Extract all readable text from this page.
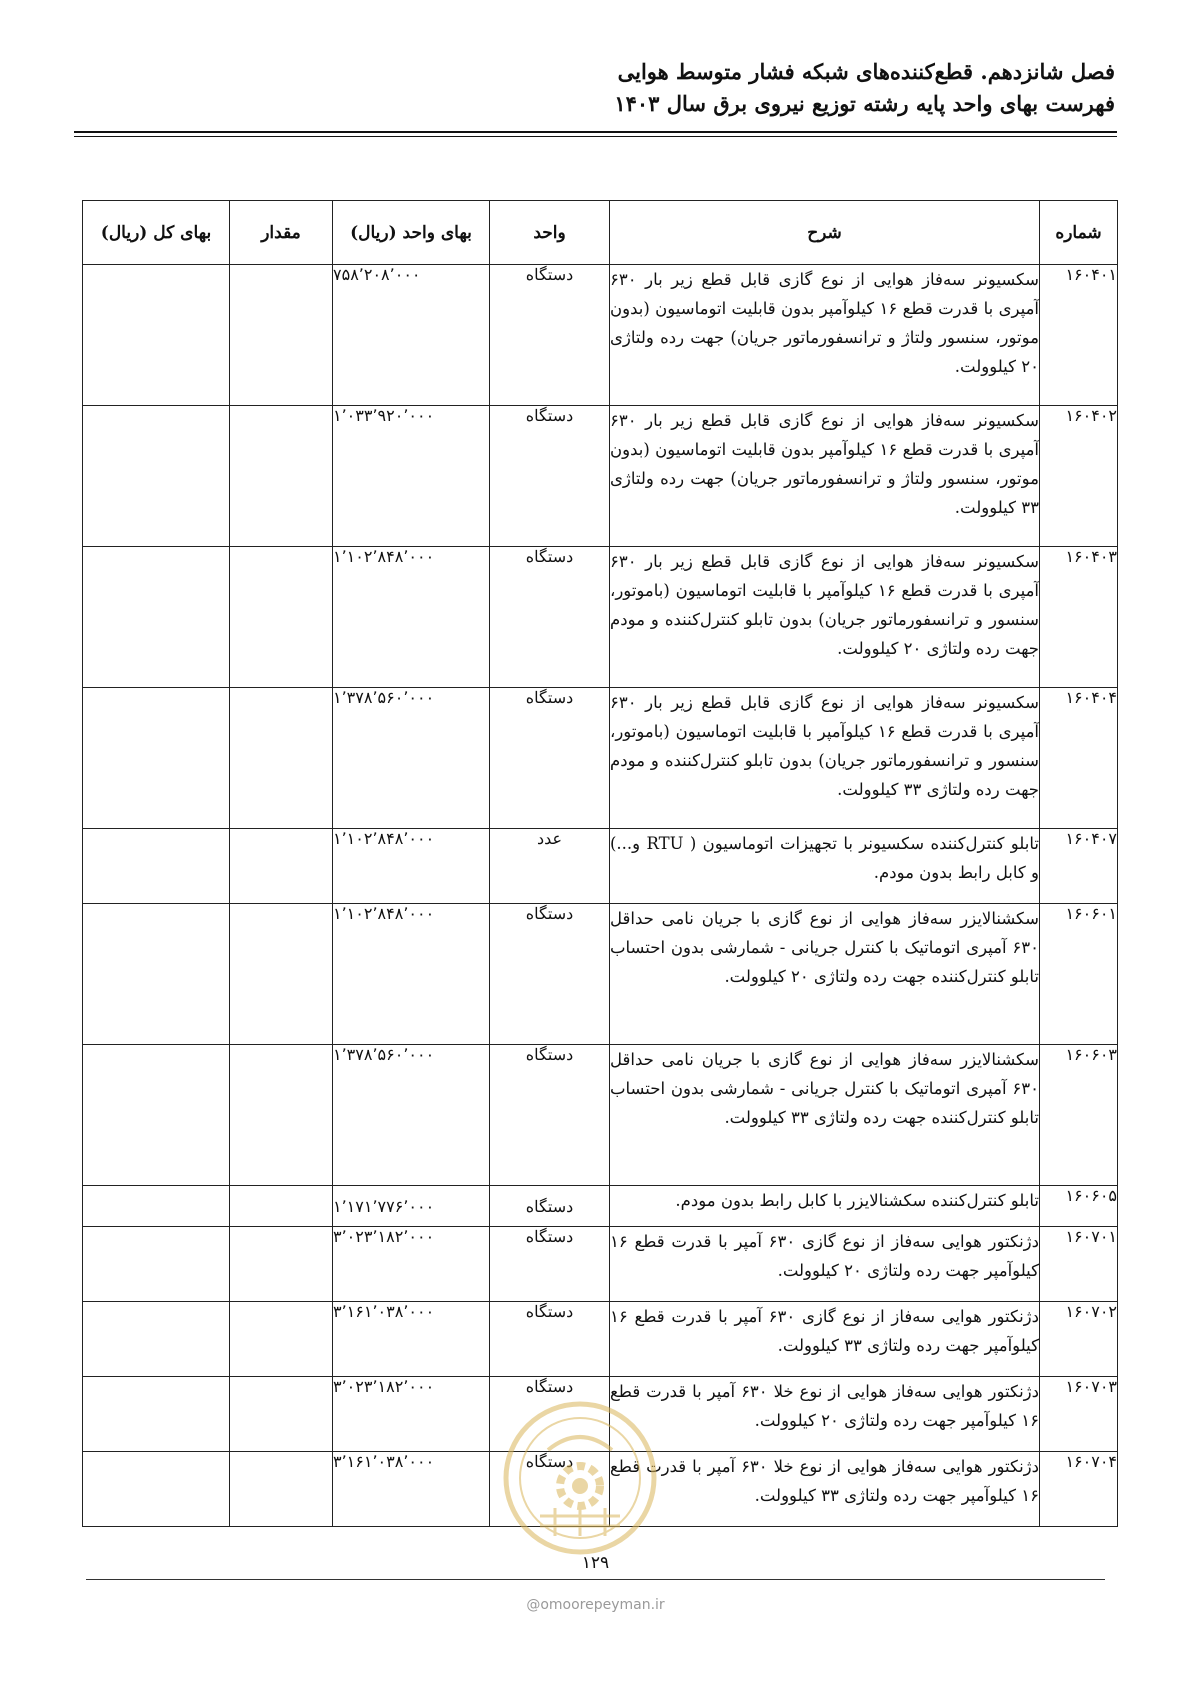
فصل شانزدهم. قطع‌کننده‌های شبکه فشار متوسط هوایی
فهرست بهای واحد پایه رشته توزیع نیروی برق سال ۱۴۰۳
شماره	شرح	واحد	بهای واحد (ریال)	مقدار	بهای کل (ریال)
۱۶۰۴۰۱	سکسیونر سه‌فاز هوایی از نوع گازی قابل قطع زیر بار ۶۳۰ آمپری با قدرت قطع ۱۶ کیلوآمپر بدون قابلیت اتوماسیون (بدون موتور، سنسور ولتاژ و ترانسفورماتور جریان) جهت رده ولتاژی ۲۰ کیلوولت.	دستگاه	۷۵۸٬۲۰۸٬۰۰۰		
۱۶۰۴۰۲	سکسیونر سه‌فاز هوایی از نوع گازی قابل قطع زیر بار ۶۳۰ آمپری با قدرت قطع ۱۶ کیلوآمپر بدون قابلیت اتوماسیون (بدون موتور، سنسور ولتاژ و ترانسفورماتور جریان) جهت رده ولتاژی ۳۳ کیلوولت.	دستگاه	۱٬۰۳۳٬۹۲۰٬۰۰۰		
۱۶۰۴۰۳	سکسیونر سه‌فاز هوایی از نوع گازی قابل قطع زیر بار ۶۳۰ آمپری با قدرت قطع ۱۶ کیلوآمپر با قابلیت اتوماسیون (باموتور، سنسور و ترانسفورماتور جریان) بدون تابلو کنترل‌کننده و مودم جهت رده ولتاژی ۲۰ کیلوولت.	دستگاه	۱٬۱۰۲٬۸۴۸٬۰۰۰		
۱۶۰۴۰۴	سکسیونر سه‌فاز هوایی از نوع گازی قابل قطع زیر بار ۶۳۰ آمپری با قدرت قطع ۱۶ کیلوآمپر با قابلیت اتوماسیون (باموتور، سنسور و ترانسفورماتور جریان) بدون تابلو کنترل‌کننده و مودم جهت رده ولتاژی ۳۳ کیلوولت.	دستگاه	۱٬۳۷۸٬۵۶۰٬۰۰۰		
۱۶۰۴۰۷	تابلو کنترل‌کننده سکسیونر با تجهیزات اتوماسیون ( RTU و...) و کابل رابط بدون مودم.	عدد	۱٬۱۰۲٬۸۴۸٬۰۰۰		
۱۶۰۶۰۱	سکشنالایزر سه‌فاز هوایی از نوع گازی با جریان نامی حداقل ۶۳۰ آمپری اتوماتیک با کنترل جریانی - شمارشی بدون احتساب تابلو کنترل‌کننده جهت رده ولتاژی ۲۰ کیلوولت.	دستگاه	۱٬۱۰۲٬۸۴۸٬۰۰۰		
۱۶۰۶۰۳	سکشنالایزر سه‌فاز هوایی از نوع گازی با جریان نامی حداقل ۶۳۰ آمپری اتوماتیک با کنترل جریانی - شمارشی بدون احتساب تابلو کنترل‌کننده جهت رده ولتاژی ۳۳ کیلوولت.	دستگاه	۱٬۳۷۸٬۵۶۰٬۰۰۰		
۱۶۰۶۰۵	تابلو کنترل‌کننده سکشنالایزر با کابل رابط بدون مودم.	دستگاه	۱٬۱۷۱٬۷۷۶٬۰۰۰		
۱۶۰۷۰۱	دژنکتور هوایی سه‌فاز از نوع گازی ۶۳۰ آمپر با قدرت قطع ۱۶ کیلوآمپر جهت رده ولتاژی ۲۰ کیلوولت.	دستگاه	۳٬۰۲۳٬۱۸۲٬۰۰۰		
۱۶۰۷۰۲	دژنکتور هوایی سه‌فاز از نوع گازی ۶۳۰ آمپر با قدرت قطع ۱۶ کیلوآمپر جهت رده ولتاژی ۳۳ کیلوولت.	دستگاه	۳٬۱۶۱٬۰۳۸٬۰۰۰		
۱۶۰۷۰۳	دژنکتور هوایی سه‌فاز هوایی از نوع خلا ۶۳۰ آمپر با قدرت قطع ۱۶ کیلوآمپر جهت رده ولتاژی ۲۰ کیلوولت.	دستگاه	۳٬۰۲۳٬۱۸۲٬۰۰۰		
۱۶۰۷۰۴	دژنکتور هوایی سه‌فاز هوایی از نوع خلا ۶۳۰ آمپر با قدرت قطع ۱۶ کیلوآمپر جهت رده ولتاژی ۳۳ کیلوولت.	دستگاه	۳٬۱۶۱٬۰۳۸٬۰۰۰		
۱۲۹
@omoorepeyman.ir
